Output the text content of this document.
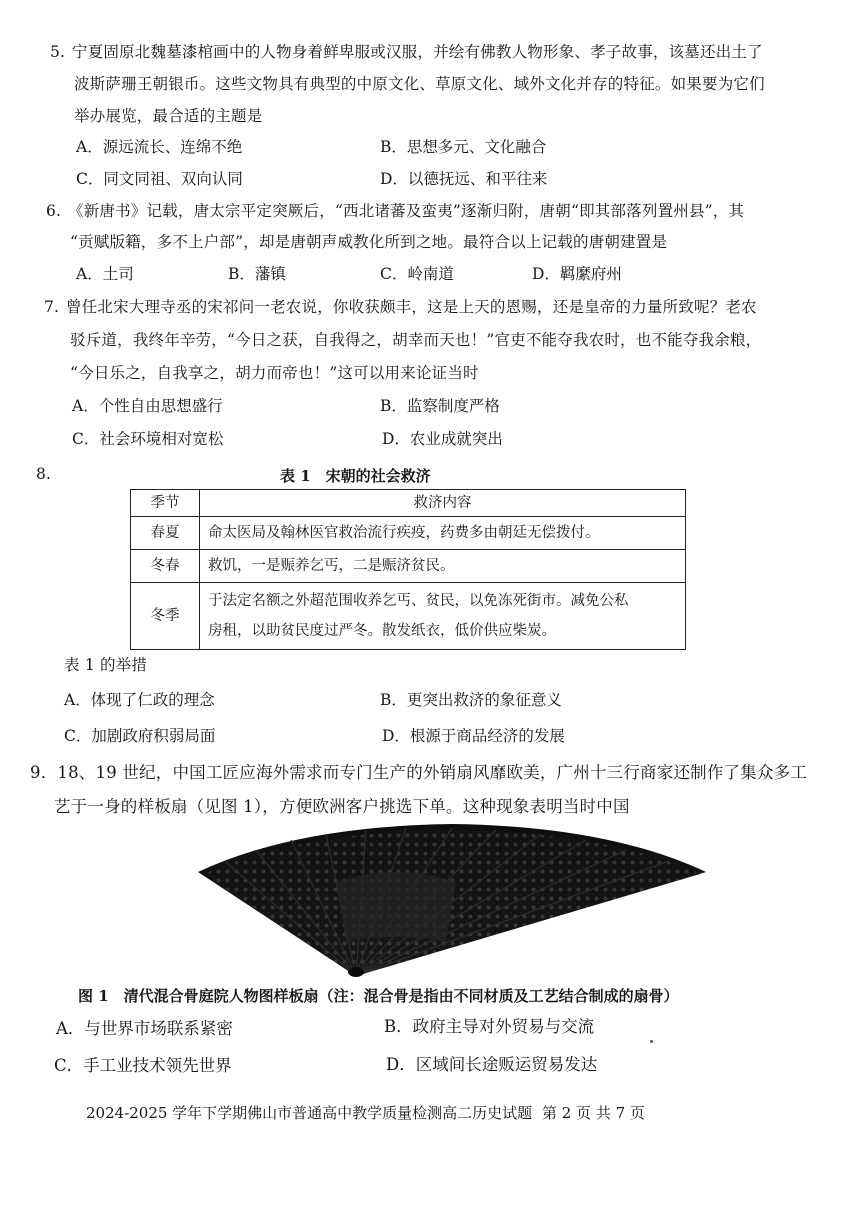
5. 宁夏固原北魏墓漆棺画中的人物身着鲜卑服或汉服，并绘有佛教人物形象、孝子故事，该墓还出土了
波斯萨珊王朝银币。这些文物具有典型的中原文化、草原文化、域外文化并存的特征。如果要为它们
举办展览，最合适的主题是
A．源远流长、连绵不绝	B．思想多元、文化融合
C．同文同祖、双向认同	D．以德抚远、和平往来
6. 《新唐书》记载，唐太宗平定突厥后，“西北诸蕃及蛮夷”逐渐归附，唐朝“即其部落列置州县”，其
“贡赋版籍，多不上户部”，却是唐朝声威教化所到之地。最符合以上记载的唐朝建置是
A．土司	B．藩镇	C．岭南道	D．羁縻府州
7. 曾任北宋大理寺丞的宋祁问一老农说，你收获颇丰，这是上天的恩赐，还是皇帝的力量所致呢？老农
驳斥道，我终年辛劳，“今日之获，自我得之，胡幸而天也！”官吏不能夺我农时，也不能夺我余粮，
“今日乐之，自我享之，胡力而帝也！”这可以用来论证当时
A．个性自由思想盛行	B．监察制度严格
C．社会环境相对宽松	D．农业成就突出
8.	表 1　宋朝的社会救济
季节	救济内容
春夏	命太医局及翰林医官救治流行疾疫，药费多由朝廷无偿拨付。
冬春	救饥，一是赈养乞丐，二是赈济贫民。
冬季	于法定名额之外超范围收养乞丐、贫民，以免冻死街市。减免公私
房租，以助贫民度过严冬。散发纸衣，低价供应柴炭。
表 1 的举措
A．体现了仁政的理念	B．更突出救济的象征意义
C．加剧政府积弱局面	D．根源于商品经济的发展
9．18、19 世纪，中国工匠应海外需求而专门生产的外销扇风靡欧美，广州十三行商家还制作了集众多工
艺于一身的样板扇（见图 1），方便欧洲客户挑选下单。这种现象表明当时中国
图 1　清代混合骨庭院人物图样板扇（注：混合骨是指由不同材质及工艺结合制成的扇骨）
A．与世界市场联系紧密	B．政府主导对外贸易与交流
C．手工业技术领先世界	D．区域间长途贩运贸易发达
2024-2025 学年下学期佛山市普通高中教学质量检测高二历史试题 第 2 页 共 7 页
